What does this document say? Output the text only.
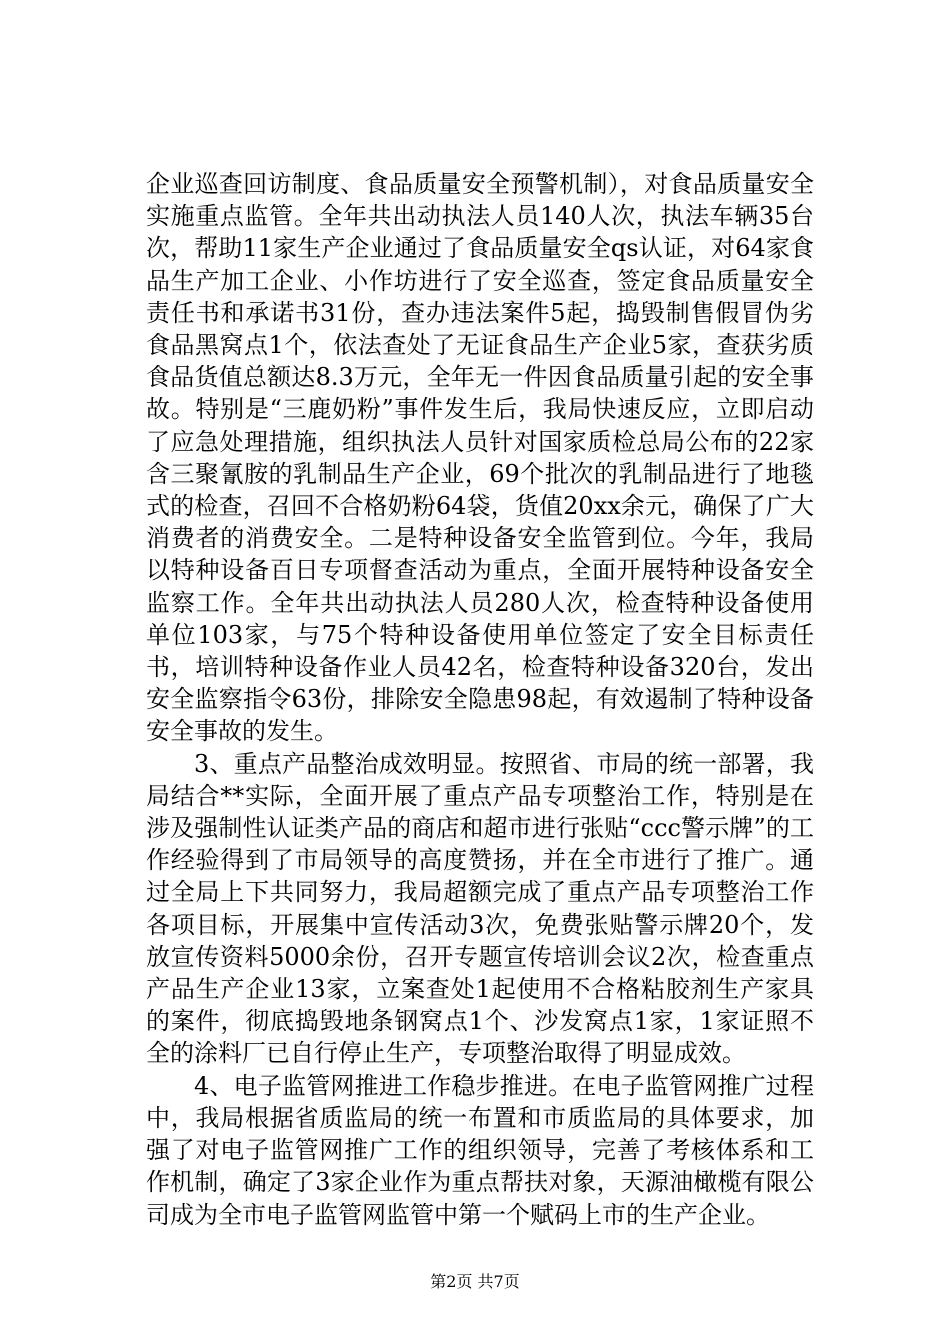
企业巡查回访制度、食品质量安全预警机制），对食品质量安全实施重点监管。全年共出动执法人员140人次，执法车辆35台次，帮助11家生产企业通过了食品质量安全qs认证，对64家食品生产加工企业、小作坊进行了安全巡查，签定食品质量安全责任书和承诺书31份，查办违法案件5起，捣毁制售假冒伪劣食品黑窝点1个，依法查处了无证食品生产企业5家，查获劣质食品货值总额达8.3万元，全年无一件因食品质量引起的安全事故。特别是“三鹿奶粉”事件发生后，我局快速反应，立即启动了应急处理措施，组织执法人员针对国家质检总局公布的22家含三聚氰胺的乳制品生产企业，69个批次的乳制品进行了地毯式的检查，召回不合格奶粉64袋，货值20xx余元，确保了广大消费者的消费安全。二是特种设备安全监管到位。今年，我局以特种设备百日专项督查活动为重点，全面开展特种设备安全监察工作。全年共出动执法人员280人次，检查特种设备使用单位103家，与75个特种设备使用单位签定了安全目标责任书，培训特种设备作业人员42名，检查特种设备320台，发出安全监察指令63份，排除安全隐患98起，有效遏制了特种设备安全事故的发生。

3、重点产品整治成效明显。按照省、市局的统一部署，我局结合**实际，全面开展了重点产品专项整治工作，特别是在涉及强制性认证类产品的商店和超市进行张贴“ccc警示牌”的工作经验得到了市局领导的高度赞扬，并在全市进行了推广。通过全局上下共同努力，我局超额完成了重点产品专项整治工作各项目标，开展集中宣传活动3次，免费张贴警示牌20个，发放宣传资料5000余份，召开专题宣传培训会议2次，检查重点产品生产企业13家，立案查处1起使用不合格粘胶剂生产家具的案件，彻底捣毁地条钢窝点1个、沙发窝点1家，1家证照不全的涂料厂已自行停止生产，专项整治取得了明显成效。

4、电子监管网推进工作稳步推进。在电子监管网推广过程中，我局根据省质监局的统一布置和市质监局的具体要求，加强了对电子监管网推广工作的组织领导，完善了考核体系和工作机制，确定了3家企业作为重点帮扶对象，天源油橄榄有限公司成为全市电子监管网监管中第一个赋码上市的生产企业。

第2页 共7页
